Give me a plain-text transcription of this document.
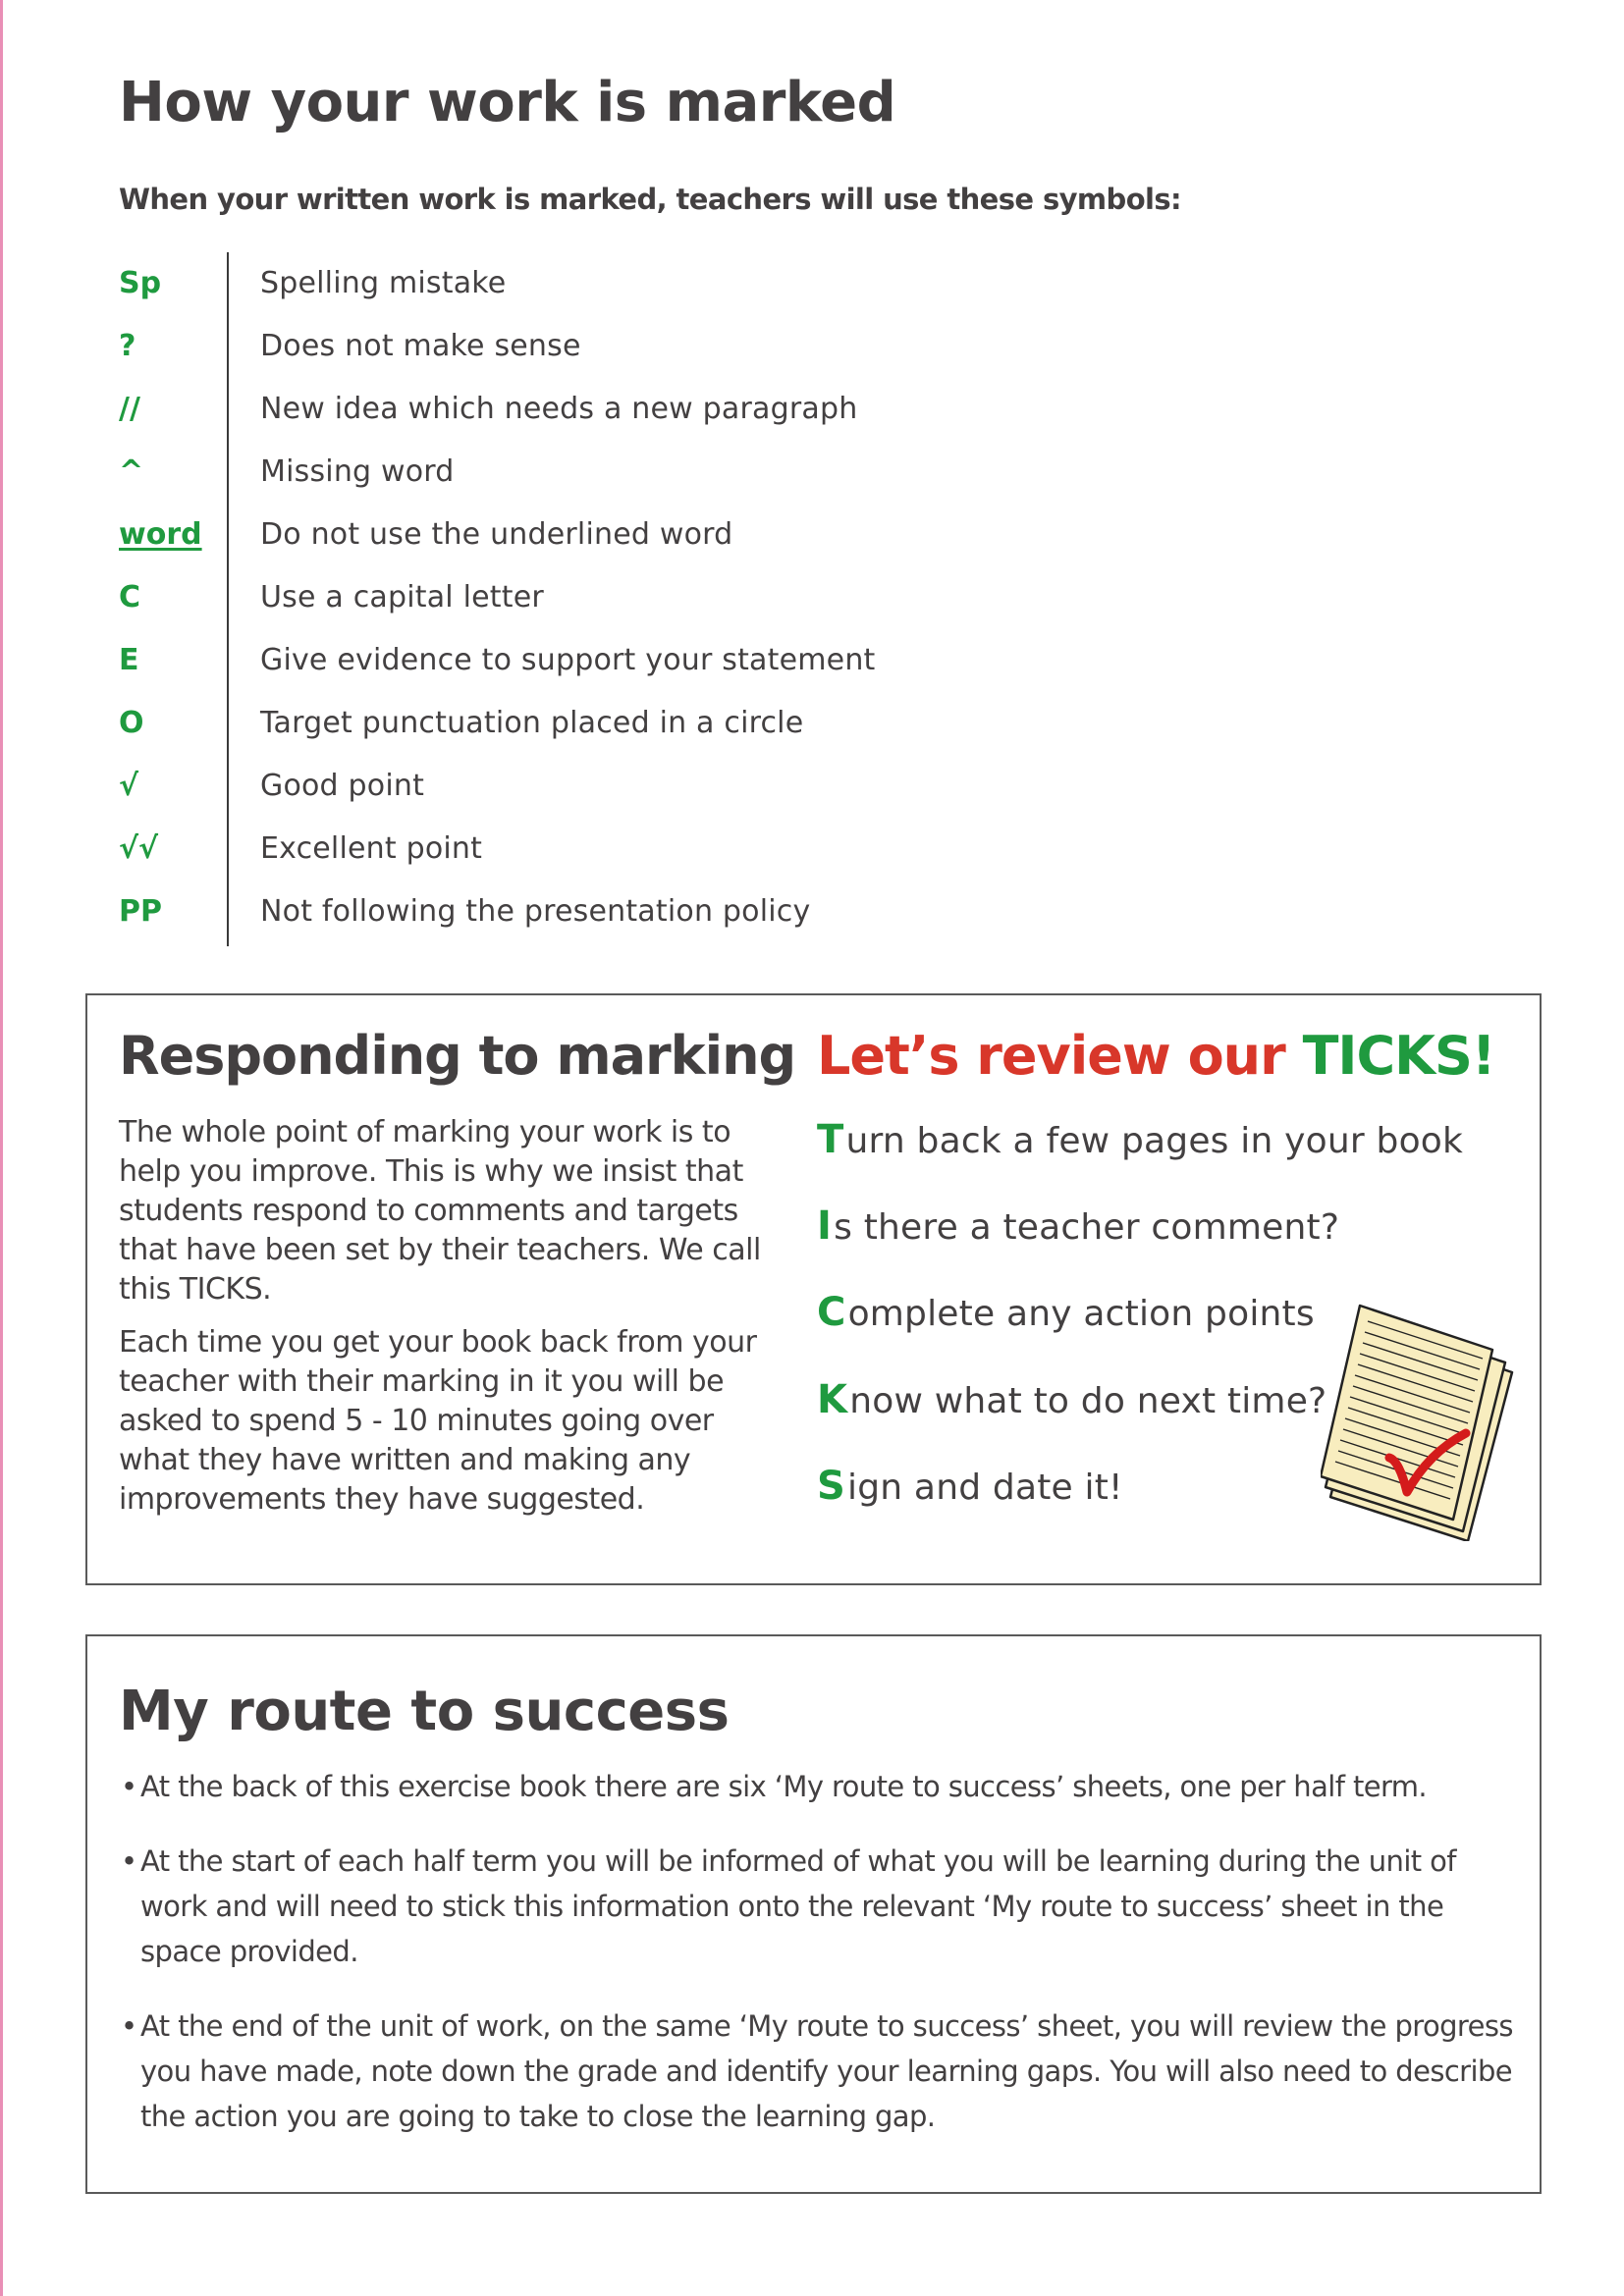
How your work is marked

When your written work is marked, teachers will use these symbols:

Sp	Spelling mistake
?	Does not make sense
//	New idea which needs a new paragraph
^	Missing word
word Do not use the underlined word
C	Use a capital letter
E	Give evidence to support your statement
O	Target punctuation placed in a circle
√	Good point
√√	Excellent point
PP	Not following the presentation policy
Responding to marking

The whole point of marking your work is to help you improve. This is why we insist that students respond to comments and targets that have been set by their teachers. We call this TICKS.

Each time you get your book back from your teacher with their marking in it you will be asked to spend 5 - 10 minutes going over what they have written and making any improvements they have suggested.

Let’s review our TICKS!
Turn back a few pages in your book
Is there a teacher comment?
Complete any action points
Know what to do next time?
Sign and date it!
My route to success
• At the back of this exercise book there are six ‘My route to success’ sheets, one per half term.
• At the start of each half term you will be informed of what you will be learning during the unit of work and will need to stick this information onto the relevant ‘My route to success’ sheet in the space provided.
• At the end of the unit of work, on the same ‘My route to success’ sheet, you will review the progress you have made, note down the grade and identify your learning gaps. You will also need to describe the action you are going to take to close the learning gap.
